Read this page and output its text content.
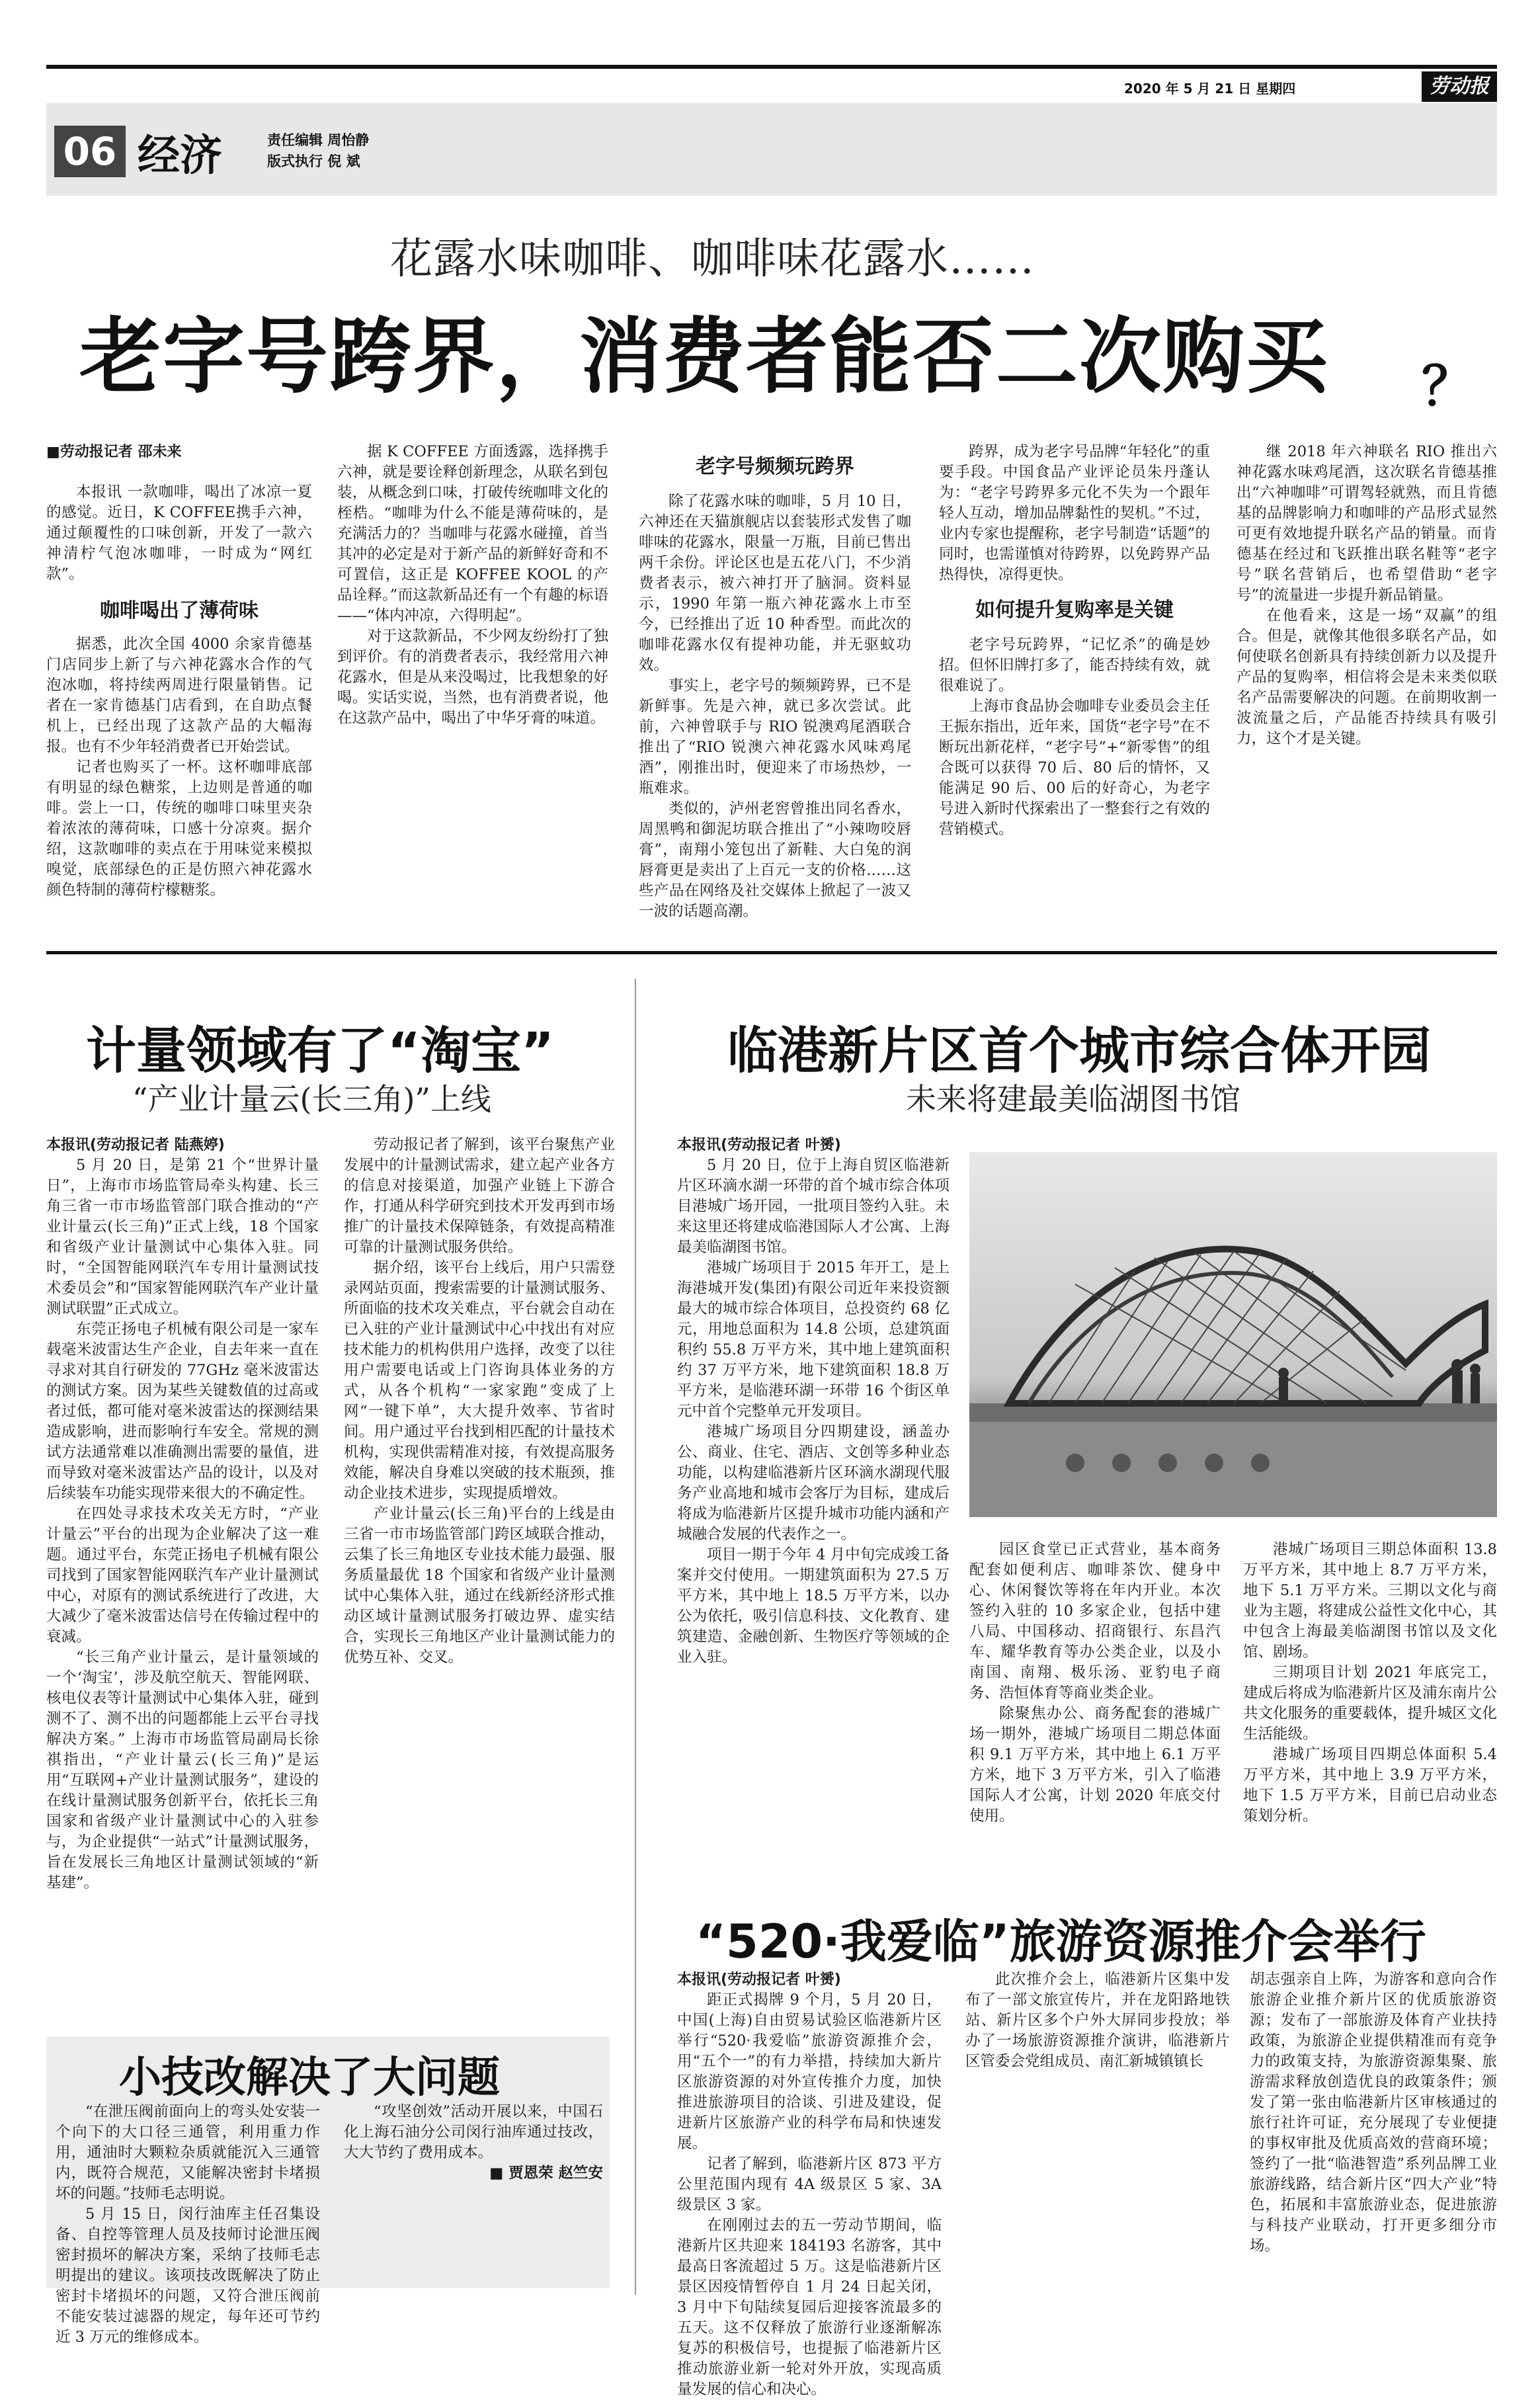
2020 年 5 月 21 日 星期四	劳动报
06 经济	责任编辑 周怡静
版式执行 倪 斌
花露水味咖啡、咖啡味花露水……
老字号跨界，消费者能否二次购买 ？

■劳动报记者 邵未来

本报讯 一款咖啡，喝出了冰凉一夏的感觉。近日，K COFFEE携手六神，通过颠覆性的口味创新，开发了一款六神清柠气泡冰咖啡，一时成为“网红款”。

咖啡喝出了薄荷味

据悉，此次全国 4000 余家肯德基门店同步上新了与六神花露水合作的气泡冰咖，将持续两周进行限量销售。记者在一家肯德基门店看到，在自助点餐机上，已经出现了这款产品的大幅海报。也有不少年轻消费者已开始尝试。

记者也购买了一杯。这杯咖啡底部有明显的绿色糖浆，上边则是普通的咖啡。尝上一口，传统的咖啡口味里夹杂着浓浓的薄荷味，口感十分凉爽。据介绍，这款咖啡的卖点在于用味觉来模拟嗅觉，底部绿色的正是仿照六神花露水颜色特制的薄荷柠檬糖浆。

据 K COFFEE 方面透露，选择携手六神，就是要诠释创新理念，从联名到包装，从概念到口味，打破传统咖啡文化的桎梏。“咖啡为什么不能是薄荷味的，是充满活力的？当咖啡与花露水碰撞，首当其冲的必定是对于新产品的新鲜好奇和不可置信，这正是 KOFFEE KOOL 的产品诠释。”而这款新品还有一个有趣的标语——“体内冲凉，六得明起”。

对于这款新品，不少网友纷纷打了独到评价。有的消费者表示，我经常用六神花露水，但是从来没喝过，比我想象的好喝。实话实说，当然，也有消费者说，他在这款产品中，喝出了中华牙膏的味道。

老字号频频玩跨界

除了花露水味的咖啡，5 月 10 日，六神还在天猫旗舰店以套装形式发售了咖啡味的花露水，限量一万瓶，目前已售出两千余份。评论区也是五花八门，不少消费者表示，被六神打开了脑洞。资料显示，1990 年第一瓶六神花露水上市至今，已经推出了近 10 种香型。而此次的咖啡花露水仅有提神功能，并无驱蚊功效。

事实上，老字号的频频跨界，已不是新鲜事。先是六神，就已多次尝试。此前，六神曾联手与 RIO 锐澳鸡尾酒联合推出了“RIO 锐澳六神花露水风味鸡尾酒”，刚推出时，便迎来了市场热炒，一瓶难求。

类似的，泸州老窖曾推出同名香水，周黑鸭和御泥坊联合推出了“小辣吻咬唇膏”，南翔小笼包出了新鞋、大白兔的润唇膏更是卖出了上百元一支的价格……这些产品在网络及社交媒体上掀起了一波又一波的话题高潮。

跨界，成为老字号品牌“年轻化”的重要手段。中国食品产业评论员朱丹蓬认为：“老字号跨界多元化不失为一个跟年轻人互动，增加品牌黏性的契机。”不过，业内专家也提醒称，老字号制造“话题”的同时，也需谨慎对待跨界，以免跨界产品热得快，凉得更快。

如何提升复购率是关键

老字号玩跨界，“记忆杀”的确是妙招。但怀旧牌打多了，能否持续有效，就很难说了。

上海市食品协会咖啡专业委员会主任王振东指出，近年来，国货“老字号”在不断玩出新花样，“老字号”+“新零售”的组合既可以获得 70 后、80 后的情怀，又能满足 90 后、00 后的好奇心，为老字号进入新时代探索出了一整套行之有效的营销模式。

继 2018 年六神联名 RIO 推出六神花露水味鸡尾酒，这次联名肯德基推出“六神咖啡”可谓驾轻就熟，而且肯德基的品牌影响力和咖啡的产品形式显然可更有效地提升联名产品的销量。而肯德基在经过和飞跃推出联名鞋等“老字号”联名营销后，也希望借助“老字号”的流量进一步提升新品销量。

在他看来，这是一场“双赢”的组合。但是，就像其他很多联名产品，如何使联名创新具有持续创新力以及提升产品的复购率，相信将会是未来类似联名产品需要解决的问题。在前期收割一波流量之后，产品能否持续具有吸引力，这个才是关键。

计量领域有了“淘宝”
“产业计量云(长三角)”上线

本报讯(劳动报记者 陆燕婷)

5 月 20 日，是第 21 个“世界计量日”，上海市市场监管局牵头构建、长三角三省一市市场监管部门联合推动的“产业计量云(长三角)”正式上线，18 个国家和省级产业计量测试中心集体入驻。同时，“全国智能网联汽车专用计量测试技术委员会”和“国家智能网联汽车产业计量测试联盟”正式成立。

东莞正扬电子机械有限公司是一家车载毫米波雷达生产企业，自去年来一直在寻求对其自行研发的 77GHz 毫米波雷达的测试方案。因为某些关键数值的过高或者过低，都可能对毫米波雷达的探测结果造成影响，进而影响行车安全。常规的测试方法通常难以准确测出需要的量值，进而导致对毫米波雷达产品的设计，以及对后续装车功能实现带来很大的不确定性。

在四处寻求技术攻关无方时，“产业计量云”平台的出现为企业解决了这一难题。通过平台，东莞正扬电子机械有限公司找到了国家智能网联汽车产业计量测试中心，对原有的测试系统进行了改进，大大减少了毫米波雷达信号在传输过程中的衰减。

“长三角产业计量云，是计量领域的一个‘淘宝’，涉及航空航天、智能网联、核电仪表等计量测试中心集体入驻，碰到测不了、测不出的问题都能上云平台寻找解决方案。” 上海市市场监管局副局长徐祺指出，“产业计量云(长三角)”是运用“互联网+产业计量测试服务”，建设的在线计量测试服务创新平台，依托长三角国家和省级产业计量测试中心的入驻参与，为企业提供“一站式”计量测试服务，旨在发展长三角地区计量测试领域的“新基建”。

劳动报记者了解到，该平台聚焦产业发展中的计量测试需求，建立起产业各方的信息对接渠道，加强产业链上下游合作，打通从科学研究到技术开发再到市场推广的计量技术保障链条，有效提高精准可靠的计量测试服务供给。

据介绍，该平台上线后，用户只需登录网站页面，搜索需要的计量测试服务、所面临的技术攻关难点，平台就会自动在已入驻的产业计量测试中心中找出有对应技术能力的机构供用户选择，改变了以往用户需要电话或上门咨询具体业务的方式，从各个机构“一家家跑”变成了上网“一键下单”，大大提升效率、节省时间。用户通过平台找到相匹配的计量技术机构，实现供需精准对接，有效提高服务效能，解决自身难以突破的技术瓶颈，推动企业技术进步，实现提质增效。

产业计量云(长三角)平台的上线是由三省一市市场监管部门跨区域联合推动，云集了长三角地区专业技术能力最强、服务质量最优 18 个国家和省级产业计量测试中心集体入驻，通过在线新经济形式推动区域计量测试服务打破边界、虚实结合，实现长三角地区产业计量测试能力的优势互补、交叉。

小技改解决了大问题

“在泄压阀前面向上的弯头处安装一个向下的大口径三通管，利用重力作用，通油时大颗粒杂质就能沉入三通管内，既符合规范，又能解决密封卡堵损坏的问题。”技师毛志明说。

5 月 15 日，闵行油库主任召集设备、自控等管理人员及技师讨论泄压阀密封损坏的解决方案，采纳了技师毛志明提出的建议。该项技改既解决了防止密封卡堵损坏的问题，又符合泄压阀前不能安装过滤器的规定，每年还可节约近 3 万元的维修成本。

“攻坚创效”活动开展以来，中国石化上海石油分公司闵行油库通过技改，大大节约了费用成本。

■ 贾恩荣 赵竺安

临港新片区首个城市综合体开园
未来将建最美临湖图书馆

本报讯(劳动报记者 叶赟)

5 月 20 日，位于上海自贸区临港新片区环滴水湖一环带的首个城市综合体项目港城广场开园，一批项目签约入驻。未来这里还将建成临港国际人才公寓、上海最美临湖图书馆。

港城广场项目于 2015 年开工，是上海港城开发(集团)有限公司近年来投资额最大的城市综合体项目，总投资约 68 亿元，用地总面积为 14.8 公顷，总建筑面积约 55.8 万平方米，其中地上建筑面积约 37 万平方米，地下建筑面积 18.8 万平方米，是临港环湖一环带 16 个街区单元中首个完整单元开发项目。

港城广场项目分四期建设，涵盖办公、商业、住宅、酒店、文创等多种业态功能，以构建临港新片区环滴水湖现代服务产业高地和城市会客厅为目标，建成后将成为临港新片区提升城市功能内涵和产城融合发展的代表作之一。

项目一期于今年 4 月中旬完成竣工备案并交付使用。一期建筑面积为 27.5 万平方米，其中地上 18.5 万平方米，以办公为依托，吸引信息科技、文化教育、建筑建造、金融创新、生物医疗等领域的企业入驻。

园区食堂已正式营业，基本商务配套如便利店、咖啡茶饮、健身中心、休闲餐饮等将在年内开业。本次签约入驻的 10 多家企业，包括中建八局、中国移动、招商银行、东昌汽车、耀华教育等办公类企业，以及小南国、南翔、极乐汤、亚豹电子商务、浩恒体育等商业类企业。

除聚焦办公、商务配套的港城广场一期外，港城广场项目二期总体面积 9.1 万平方米，其中地上 6.1 万平方米，地下 3 万平方米，引入了临港国际人才公寓，计划 2020 年底交付使用。

港城广场项目三期总体面积 13.8 万平方米，其中地上 8.7 万平方米，地下 5.1 万平方米。三期以文化与商业为主题，将建成公益性文化中心，其中包含上海最美临湖图书馆以及文化馆、剧场。

三期项目计划 2021 年底完工，建成后将成为临港新片区及浦东南片公共文化服务的重要载体，提升城区文化生活能级。

港城广场项目四期总体面积 5.4 万平方米，其中地上 3.9 万平方米，地下 1.5 万平方米，目前已启动业态策划分析。

“520·我爱临”旅游资源推介会举行

本报讯(劳动报记者 叶赟)

距正式揭牌 9 个月，5 月 20 日，中国(上海)自由贸易试验区临港新片区举行“520·我爱临”旅游资源推介会，用“五个一”的有力举措，持续加大新片区旅游资源的对外宣传推介力度，加快推进旅游项目的洽谈、引进及建设，促进新片区旅游产业的科学布局和快速发展。

记者了解到，临港新片区 873 平方公里范围内现有 4A 级景区 5 家、3A 级景区 3 家。

在刚刚过去的五一劳动节期间，临港新片区共迎来 184193 名游客，其中最高日客流超过 5 万。这是临港新片区景区因疫情暂停自 1 月 24 日起关闭，3 月中下旬陆续复园后迎接客流最多的五天。这不仅释放了旅游行业逐渐解冻复苏的积极信号，也提振了临港新片区推动旅游业新一轮对外开放，实现高质量发展的信心和决心。

此次推介会上，临港新片区集中发布了一部文旅宣传片，并在龙阳路地铁站、新片区多个户外大屏同步投放；举办了一场旅游资源推介演讲，临港新片区管委会党组成员、南汇新城镇镇长

胡志强亲自上阵，为游客和意向合作旅游企业推介新片区的优质旅游资源；发布了一部旅游及体育产业扶持政策，为旅游企业提供精准而有竞争力的政策支持，为旅游资源集聚、旅游需求释放创造优良的政策条件；颁发了第一张由临港新片区审核通过的旅行社许可证，充分展现了专业便捷的事权审批及优质高效的营商环境；签约了一批“临港智造”系列品牌工业旅游线路，结合新片区“四大产业”特色，拓展和丰富旅游业态，促进旅游与科技产业联动，打开更多细分市场。
